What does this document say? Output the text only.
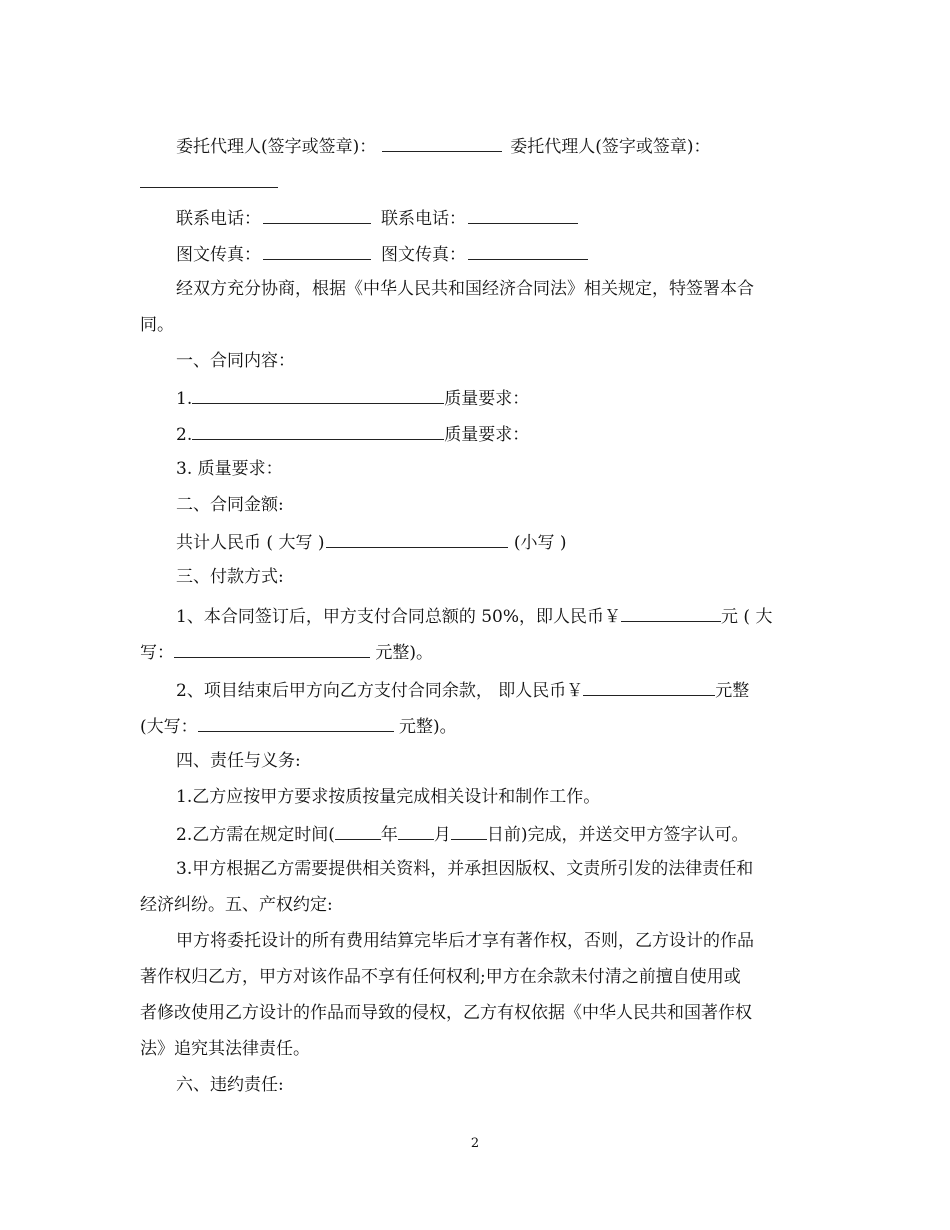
委托代理人(签字或签章)：	委托代理人(签字或签章)：
联系电话：	联系电话：
图文传真：	图文传真：
经双方充分协商，根据《中华人民共和国经济合同法》相关规定，特签署本合
同。
一、合同内容：
1.	质量要求：
2.	质量要求：
3. 质量要求：
二、合同金额:
共计人民币 ( 大写 )	(小写 )
三、付款方式:
1、本合同签订后，甲方支付合同总额的 50%，即人民币￥	元 ( 大
写：	元整)。
2、项目结束后甲方向乙方支付合同余款， 即人民币￥	元整
(大写：	元整)。
四、责任与义务:
1.乙方应按甲方要求按质按量完成相关设计和制作工作。
2.乙方需在规定时间(	年 月 日前)完成，并送交甲方签字认可。
3.甲方根据乙方需要提供相关资料，并承担因版权、文责所引发的法律责任和
经济纠纷。五、产权约定:
甲方将委托设计的所有费用结算完毕后才享有著作权，否则，乙方设计的作品
著作权归乙方，甲方对该作品不享有任何权利;甲方在余款未付清之前擅自使用或
者修改使用乙方设计的作品而导致的侵权，乙方有权依据《中华人民共和国著作权
法》追究其法律责任。
六、违约责任:
2
